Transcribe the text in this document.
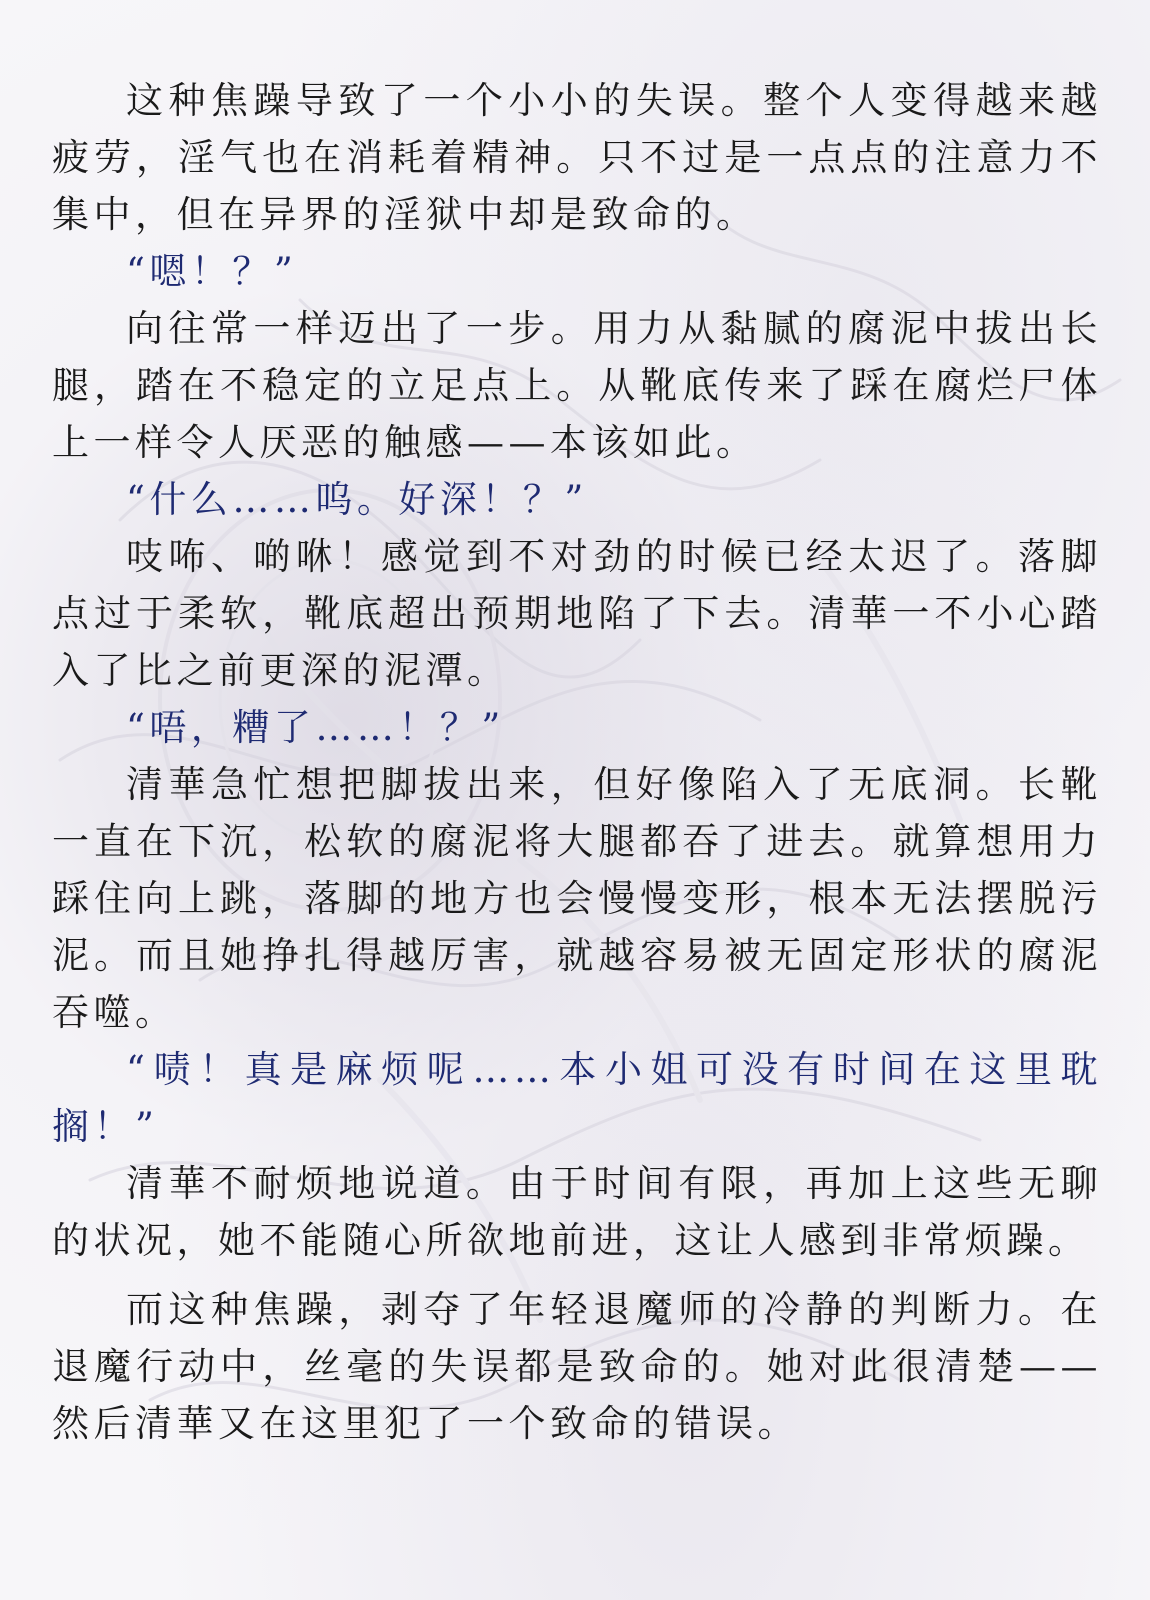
这种焦躁导致了一个小小的失误。整个人变得越来越疲劳，淫气也在消耗着精神。只不过是一点点的注意力不集中，但在异界的淫狱中却是致命的。

“嗯！？”

向往常一样迈出了一步。用力从黏腻的腐泥中拔出长腿，踏在不稳定的立足点上。从靴底传来了踩在腐烂尸体上一样令人厌恶的触感——本该如此。

“什么……呜。好深！？”

吱咘、啲咻！感觉到不对劲的时候已经太迟了。落脚点过于柔软，靴底超出预期地陷了下去。清華一不小心踏入了比之前更深的泥潭。

“唔，糟了……！？”

清華急忙想把脚拔出来，但好像陷入了无底洞。长靴一直在下沉，松软的腐泥将大腿都吞了进去。就算想用力踩住向上跳，落脚的地方也会慢慢变形，根本无法摆脱污泥。而且她挣扎得越厉害，就越容易被无固定形状的腐泥吞噬。

“啧！真是麻烦呢……本小姐可没有时间在这里耽搁！”

清華不耐烦地说道。由于时间有限，再加上这些无聊的状况，她不能随心所欲地前进，这让人感到非常烦躁。

而这种焦躁，剥夺了年轻退魔师的冷静的判断力。在退魔行动中，丝毫的失误都是致命的。她对此很清楚——然后清華又在这里犯了一个致命的错误。
